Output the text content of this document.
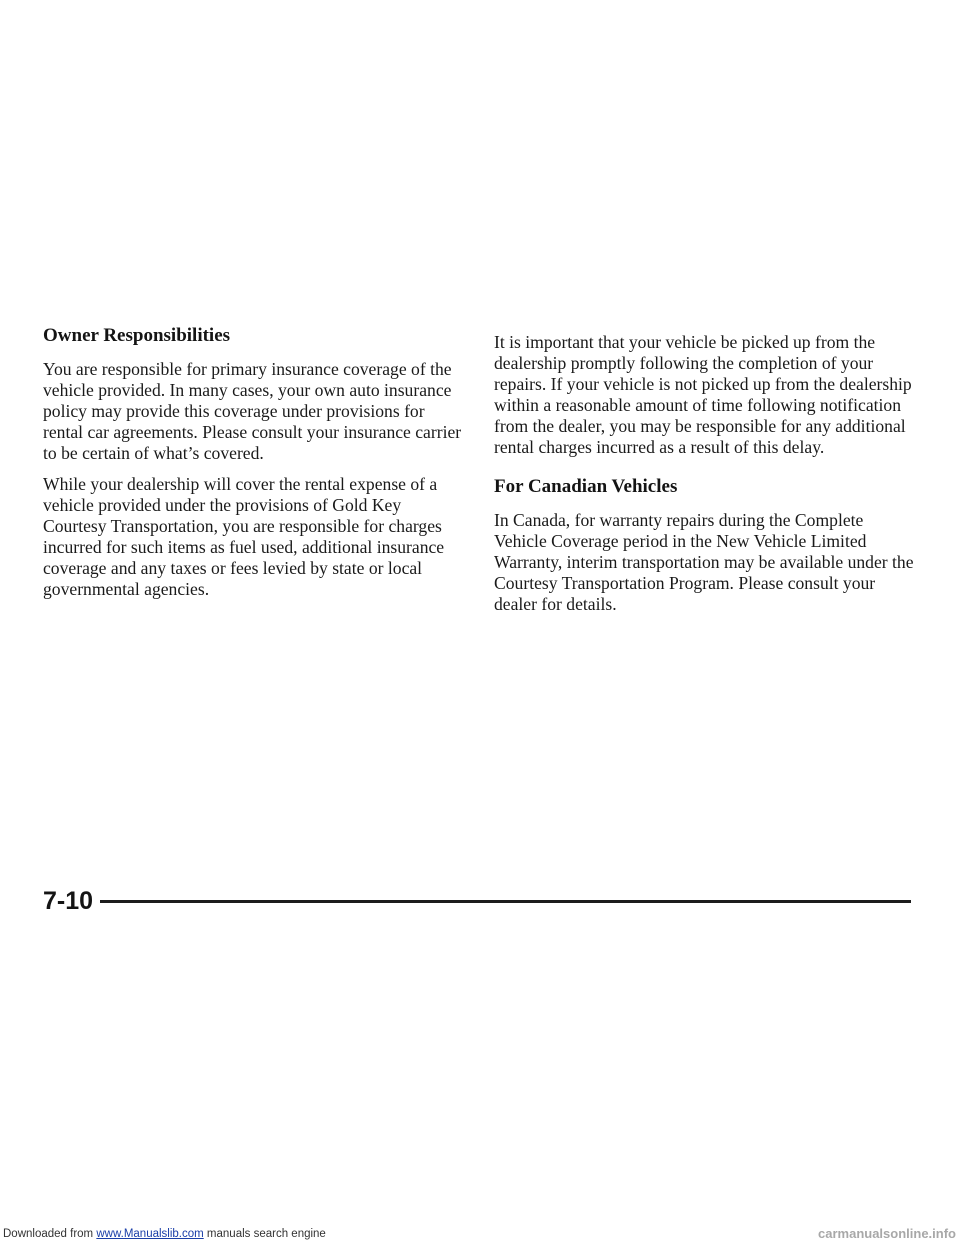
Owner Responsibilities

You are responsible for primary insurance coverage of the vehicle provided. In many cases, your own auto insurance policy may provide this coverage under provisions for rental car agreements. Please consult your insurance carrier to be certain of what’s covered.

While your dealership will cover the rental expense of a vehicle provided under the provisions of Gold Key Courtesy Transportation, you are responsible for charges incurred for such items as fuel used, additional insurance coverage and any taxes or fees levied by state or local governmental agencies.

It is important that your vehicle be picked up from the dealership promptly following the completion of your repairs. If your vehicle is not picked up from the dealership within a reasonable amount of time following notification from the dealer, you may be responsible for any additional rental charges incurred as a result of this delay.

For Canadian Vehicles

In Canada, for warranty repairs during the Complete Vehicle Coverage period in the New Vehicle Limited Warranty, interim transportation may be available under the Courtesy Transportation Program. Please consult your dealer for details.

7-10
Downloaded from www.Manualslib.com manuals search engine	carmanualsonline.info
